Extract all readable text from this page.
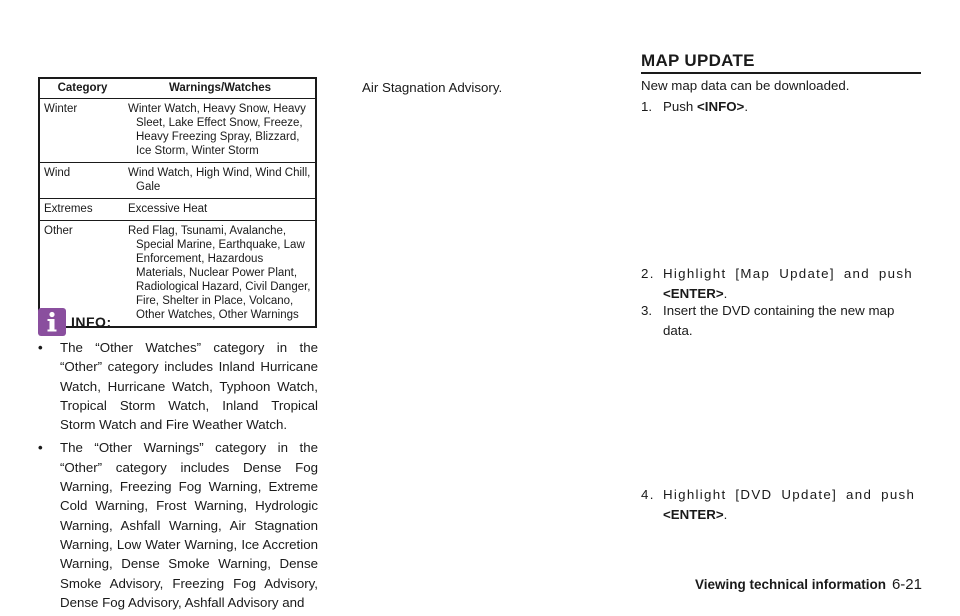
Category	Warnings/Watches
Winter	Winter Watch, Heavy Snow, Heavy Sleet, Lake Effect Snow, Freeze, Heavy Freezing Spray, Blizzard, Ice Storm, Winter Storm

Wind	Wind Watch, High Wind, Wind Chill, Gale

Extremes	Excessive Heat

Other	Red Flag, Tsunami, Avalanche, Special Marine, Earthquake, Law Enforcement, Hazardous Materials, Nuclear Power Plant, Radiological Hazard, Civil Danger, Fire, Shelter in Place, Volcano, Other Watches, Other Warnings
INFO:
• The “Other Watches” category in the “Other” category includes Inland Hurricane Watch, Hurricane Watch, Typhoon Watch, Tropical Storm Watch, Inland Tropical Storm Watch and Fire Weather Watch.
• The “Other Warnings” category in the “Other” category includes Dense Fog Warning, Freezing Fog Warning, Extreme Cold Warning, Frost Warning, Hydrologic Warning, Ashfall Warning, Air Stagnation Warning, Low Water Warning, Ice Accretion Warning, Dense Smoke Warning, Dense Smoke Advisory, Freezing Fog Advisory, Dense Fog Advisory, Ashfall Advisory and
Air Stagnation Advisory.
MAP UPDATE
New map data can be downloaded.
1. Push <INFO>.
2. Highlight [Map Update] and push <ENTER>.
3. Insert the DVD containing the new map data.
4. Highlight [DVD Update] and push <ENTER>.
Viewing technical information 6-21
